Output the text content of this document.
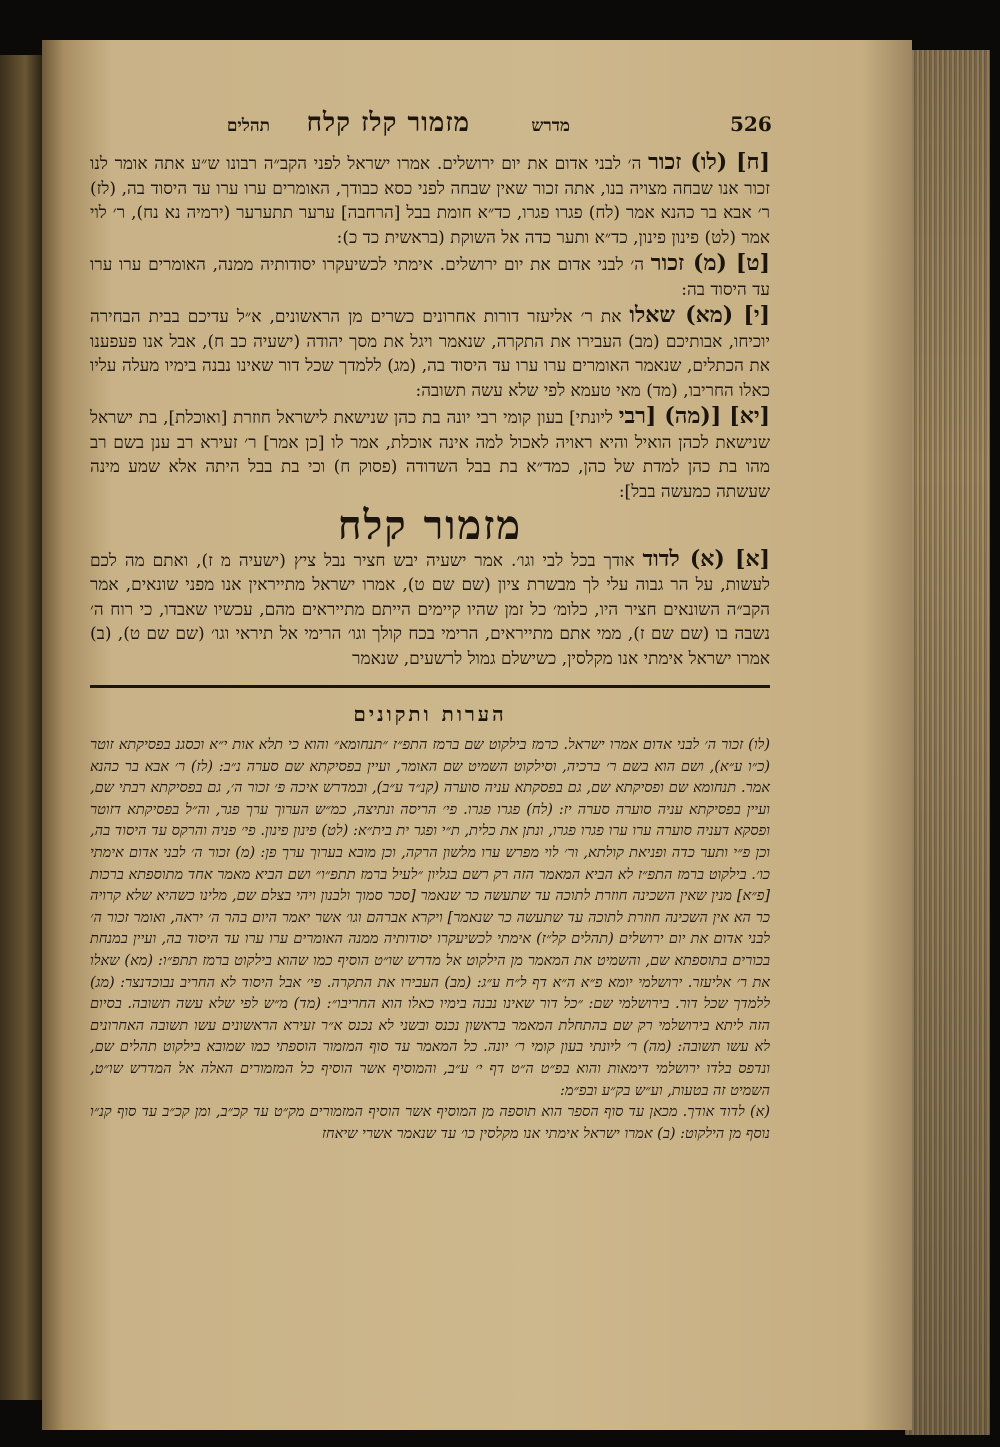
526
מדרש
מזמור קלז קלח
תהלים

[ח] (לו) זכור ה׳ לבני אדום את יום ירושלים. אמרו ישראל לפני הקב״ה רבונו ש״ע אתה אומר לנו זכור אנו שבחה מצויה בנו, אתה זכור שאין שבחה לפני כסא כבודך, האומרים ערו ערו עד היסוד בה, (לז) ר׳ אבא בר כהנא אמר (לח) פגרו פגרו, כד״א חומת בבל [הרחבה] ערער תתערער (ירמיה נא נח), ר׳ לוי אמר (לט) פינון פינון, כד״א ותער כדה אל השוקת (בראשית כד כ):

[ט] (מ) זכור ה׳ לבני אדום את יום ירושלים. אימתי לכשיעקרו יסודותיה ממנה, האומרים ערו ערו עד היסוד בה:

[י] (מא) שאלו את ר׳ אליעזר דורות אחרונים כשרים מן הראשונים, א״ל עדיכם בבית הבחירה יוכיחו, אבותיכם (מב) העבירו את התקרה, שנאמר ויגל את מסך יהודה (ישעיה כב ח), אבל אנו פעפענו את הכתלים, שנאמר האומרים ערו ערו עד היסוד בה, (מג) ללמדך שכל דור שאינו נבנה בימיו מעלה עליו כאלו החריבו, (מד) מאי טעמא לפי שלא עשה תשובה:

[יא] [(מה) [רבי ליונתי] בעון קומי רבי יונה בת כהן שנישאת לישראל חוזרת [ואוכלת], בת ישראל שנישאת לכהן הואיל והיא ראויה לאכול למה אינה אוכלת, אמר לו [כן אמר] ר׳ זעירא רב ענן בשם רב מהו בת כהן למדת של כהן, כמד״א בת בבל השדודה (פסוק ח) וכי בת בבל היתה אלא שמע מינה שעשתה כמעשה בבל]:

מזמור קלח

[א] (א) לדוד אודך בכל לבי וגו׳. אמר ישעיה יבש חציר נבל ציץ (ישעיה מ ז), ואתם מה לכם לעשות, על הר גבוה עלי לך מבשרת ציון (שם שם ט), אמרו ישראל מתייראין אנו מפני שונאים, אמר הקב״ה השונאים חציר היו, כלומ׳ כל זמן שהיו קיימים הייתם מתייראים מהם, עכשיו שאבדו, כי רוח ה׳ נשבה בו (שם שם ז), ממי אתם מתייראים, הרימי בכח קולך וגו׳ הרימי אל תיראי וגו׳ (שם שם ט), (ב) אמרו ישראל אימתי אנו מקלסין, כשישלם גמול לרשעים, שנאמר

הערות ותקונים

(לו) זכור ה׳ לבני אדום אמרו ישראל. כרמז בילקוט שם ברמז התפ״ז ״תנחומא״ והוא כי תלא אות י״א וכסגנ בפסיקתא זוטר (כ״ו ע״א), ושם הוא בשם ר׳ ברכיה, וסילקוט השמיט שם האומר, ועיין בפסיקתא שם סערה נ״ב: (לז) ר׳ אבא בר כהנא אמר. תנחומא שם ופסיקתא שם, גם בפסקתא עניה סוערה (קנ״ד ע״ב), ובמדרש איכה פ׳ זכור ה׳, גם בפסיקתא רבתי שם, ועיין בפסיקתא עניה סוערה סערה יז: (לח) פגרו פגרו. פי׳ הריסה ונתיצה, כמ״ש הערוך ערך פגר, וה״ל בפסיקתא דזוטר ופסקא דעניה סוערה ערו ערו פגרו פגרו, ונתן את כלית, ת״י ופגר ית בית״א: (לט) פינון פינון. פי׳ פניה והרקס עד היסוד בה, וכן פ״י ותער כדה ופניאת קולתא, ור׳ לוי מפרש ערו מלשון הרקה, וכן מובא בערוך ערך פן: (מ) זכור ה׳ לבני אדום אימתי כו׳. בילקוט ברמז התפ״ז לא הביא המאמר הזה רק רשם בגליון ״לעיל ברמז תתפ״ו״ ושם הביא מאמר אחד מתוספתא ברכות [פ״א] מנין שאין השכינה חוזרת לתוכה עד שתעשה כר שנאמר [סכר סמוך ולבנון ויהי בצלם שם, מלינו כשהיא שלא קרויה כר הא אין השכינה חוזרת לתוכה עד שתעשה כר שנאמר] ויקרא אברהם וגו׳ אשר יאמר היום בהר ה׳ יראה, ואומר זכור ה׳ לבני אדום את יום ירושלים (תהלים קל״ז) אימתי לכשיעקרו יסודותיה ממנה האומרים ערו ערו עד היסוד בה, ועיין במנחת בכורים בתוספתא שם, והשמיט את המאמר מן הילקוט אל מדרש שו״ט הוסיף כמו שהוא בילקוט ברמז תתפ״ו: (מא) שאלו את ר׳ אליעזר. ירושלמי יומא פ״א ה״א דף ל״ח ע״ג: (מב) העבירו את התקרה. פי׳ אבל היסוד לא החריב נבוכדנצר: (מג) ללמדך שכל דור. בירושלמי שם: ״כל דור שאינו נבנה בימיו כאלו הוא החריבו״: (מד) מ״ש לפי שלא עשה תשובה. בסיום הזה ליתא בירושלמי רק שם בהתחלת המאמר בראשון נכנס ובשני לא נכנס א״ר זעירא הראשונים עשו תשובה האחרונים לא עשו תשובה: (מה) ר׳ ליונתי בעון קומי ר׳ יונה. כל המאמר עד סוף המזמור הוספתי כמו שמובא בילקוט תהלים שם, ונדפס בלדו ירושלמי דימאות והוא בפ״ט ה״ט דף י׳ ע״ב, והמוסיף אשר הוסיף כל המזמורים האלה אל המדרש שו״ט, השמיט זה בטעות, וע״ש בק״ע ובפ״מ:

(א) לדוד אודך. מכאן עד סוף הספר הוא תוספה מן המוסיף אשר הוסיף המזמורים מק״ט עד קכ״ב, ומן קכ״ב עד סוף קנ״ו נוסף מן הילקוט: (ב) אמרו ישראל אימתי אנו מקלסין כו׳ עד שנאמר אשרי שיאחז
